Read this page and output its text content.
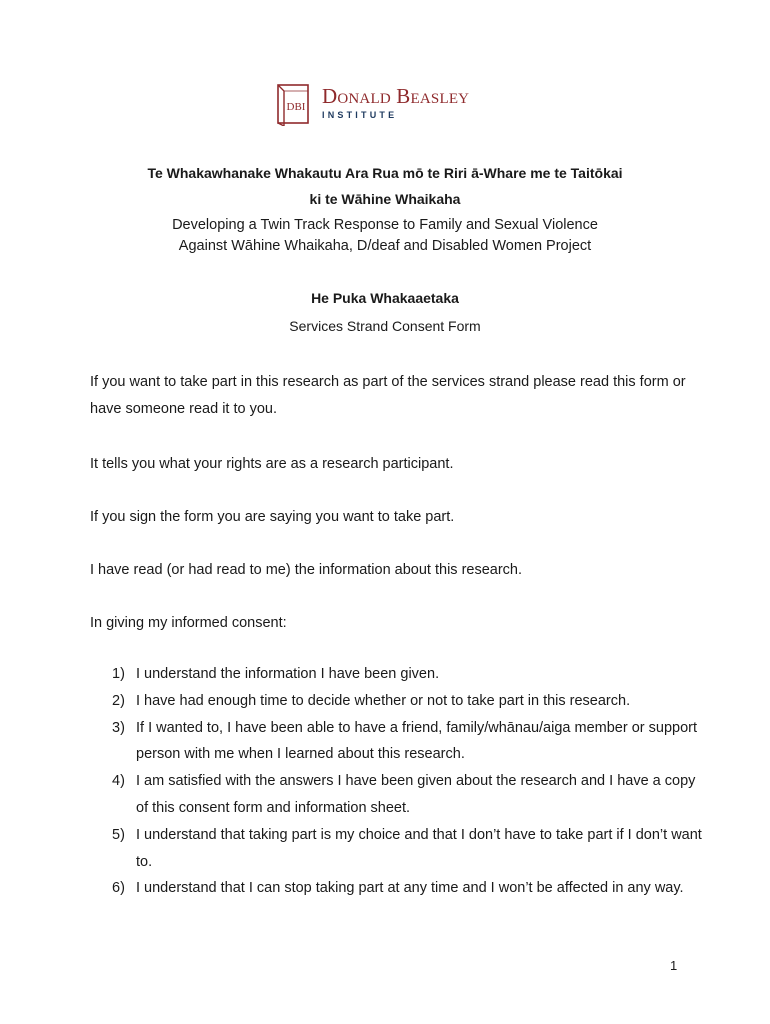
DBI Donald Beasley
INSTITUTE
Te Whakawhanake Whakautu Ara Rua mō te Riri ā-Whare me te Taitōkai
ki te Wāhine Whaikaha
Developing a Twin Track Response to Family and Sexual Violence
Against Wāhine Whaikaha, D/deaf and Disabled Women Project
He Puka Whakaaetaka
Services Strand Consent Form
If you want to take part in this research as part of the services strand please read this form or have someone read it to you.
It tells you what your rights are as a research participant.
If you sign the form you are saying you want to take part.
I have read (or had read to me) the information about this research.
In giving my informed consent:
1) I understand the information I have been given.
2) I have had enough time to decide whether or not to take part in this research.
3) If I wanted to, I have been able to have a friend, family/whānau/aiga member or support person with me when I learned about this research.
4) I am satisfied with the answers I have been given about the research and I have a copy of this consent form and information sheet.
5) I understand that taking part is my choice and that I don’t have to take part if I don’t want to.
6) I understand that I can stop taking part at any time and I won’t be affected in any way.
1
